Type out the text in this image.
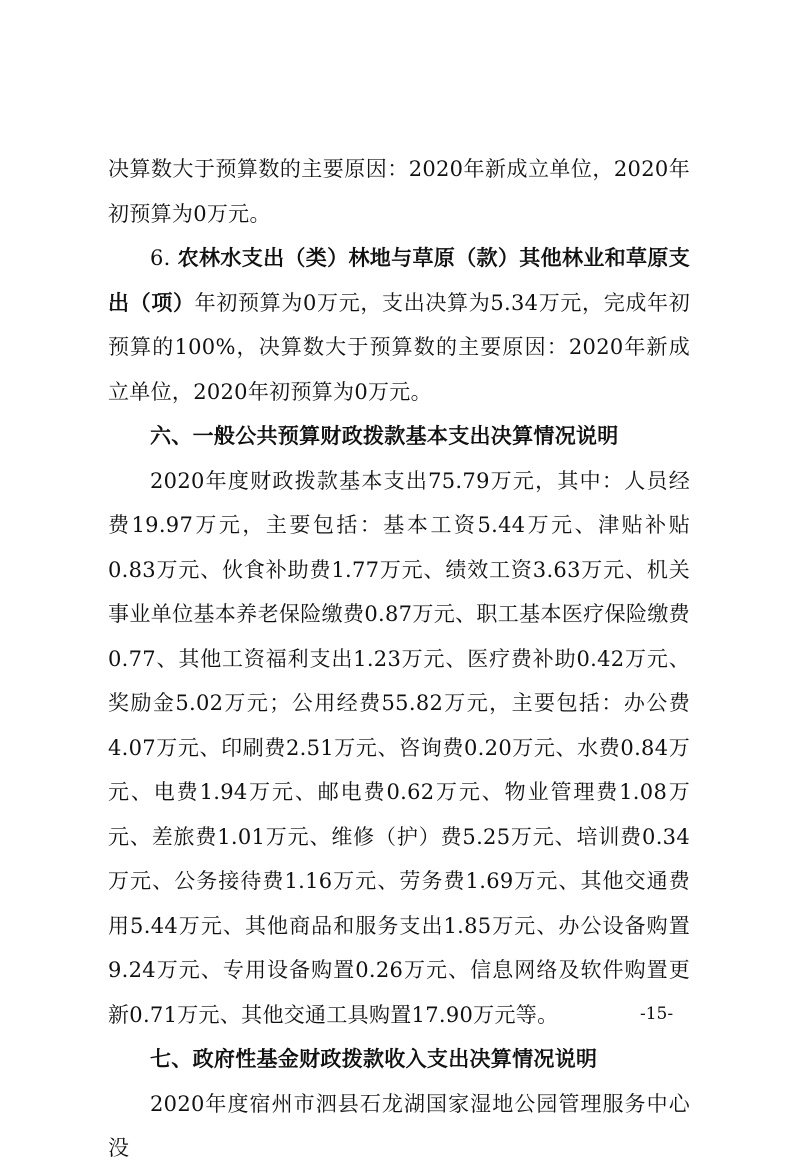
决算数大于预算数的主要原因：2020年新成立单位，2020年初预算为0万元。

6. 农林水支出（类）林地与草原（款）其他林业和草原支出（项）年初预算为0万元，支出决算为5.34万元，完成年初预算的100%，决算数大于预算数的主要原因：2020年新成立单位，2020年初预算为0万元。

六、一般公共预算财政拨款基本支出决算情况说明

2020年度财政拨款基本支出75.79万元，其中：人员经费19.97万元，主要包括：基本工资5.44万元、津贴补贴0.83万元、伙食补助费1.77万元、绩效工资3.63万元、机关事业单位基本养老保险缴费0.87万元、职工基本医疗保险缴费0.77、其他工资福利支出1.23万元、医疗费补助0.42万元、奖励金5.02万元；公用经费55.82万元，主要包括：办公费4.07万元、印刷费2.51万元、咨询费0.20万元、水费0.84万元、电费1.94万元、邮电费0.62万元、物业管理费1.08万元、差旅费1.01万元、维修（护）费5.25万元、培训费0.34万元、公务接待费1.16万元、劳务费1.69万元、其他交通费用5.44万元、其他商品和服务支出1.85万元、办公设备购置9.24万元、专用设备购置0.26万元、信息网络及软件购置更新0.71万元、其他交通工具购置17.90万元等。

七、政府性基金财政拨款收入支出决算情况说明

2020年度宿州市泗县石龙湖国家湿地公园管理服务中心没

-15-
